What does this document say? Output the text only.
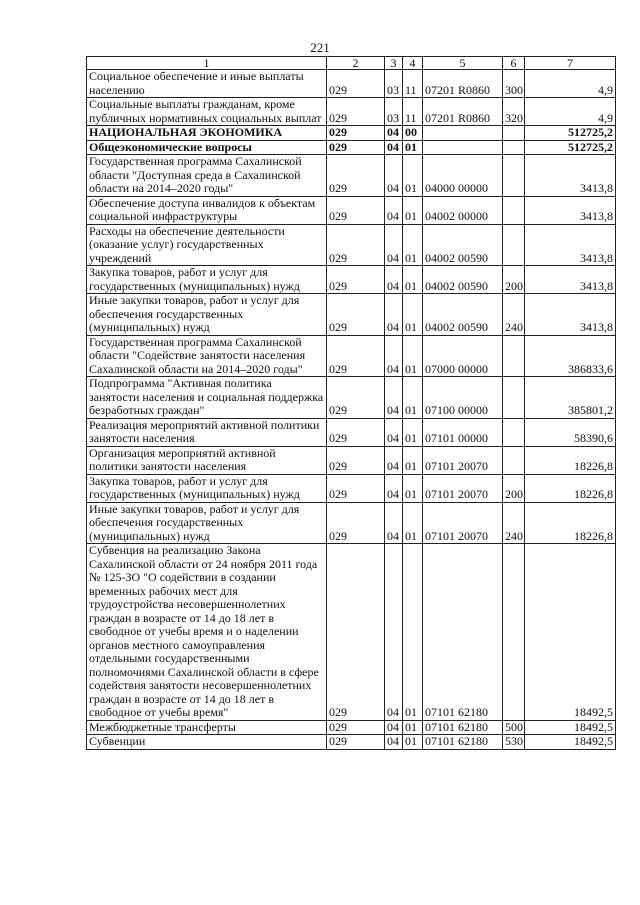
221
1	2	3	4	5	6	7
Социальное обеспечение и иные выплаты населению	029	03	11	07201 R0860	300	4,9
Социальные выплаты гражданам, кроме публичных нормативных социальных выплат	029	03	11	07201 R0860	320	4,9
НАЦИОНАЛЬНАЯ ЭКОНОМИКА	029	04	00			512725,2
Общеэкономические вопросы	029	04	01			512725,2
Государственная программа Сахалинской области "Доступная среда в Сахалинской области на 2014–2020 годы"	029	04	01	04000 00000		3413,8
Обеспечение доступа инвалидов к объектам социальной инфраструктуры	029	04	01	04002 00000		3413,8
Расходы на обеспечение деятельности (оказание услуг) государственных учреждений	029	04	01	04002 00590		3413,8
Закупка товаров, работ и услуг для государственных (муниципальных) нужд	029	04	01	04002 00590	200	3413,8
Иные закупки товаров, работ и услуг для обеспечения государственных (муниципальных) нужд	029	04	01	04002 00590	240	3413,8
Государственная программа Сахалинской области "Содействие занятости населения Сахалинской области на 2014–2020 годы"	029	04	01	07000 00000		386833,6
Подпрограмма "Активная политика занятости населения и социальная поддержка безработных граждан"	029	04	01	07100 00000		385801,2
Реализация мероприятий активной политики занятости населения	029	04	01	07101 00000		58390,6
Организация мероприятий активной политики занятости населения	029	04	01	07101 20070		18226,8
Закупка товаров, работ и услуг для государственных (муниципальных) нужд	029	04	01	07101 20070	200	18226,8
Иные закупки товаров, работ и услуг для обеспечения государственных (муниципальных) нужд	029	04	01	07101 20070	240	18226,8
Субвенция на реализацию Закона Сахалинской области от 24 ноября 2011 года № 125-ЗО "О содействии в создании временных рабочих мест для трудоустройства несовершеннолетних граждан в возрасте от 14 до 18 лет в свободное от учебы время и о наделении органов местного самоуправления отдельными государственными полномочиями Сахалинской области в сфере содействия занятости несовершеннолетних граждан в возрасте от 14 до 18 лет в свободное от учебы время"	029	04	01	07101 62180		18492,5
Межбюджетные трансферты	029	04	01	07101 62180	500	18492,5
Субвенции	029	04	01	07101 62180	530	18492,5
